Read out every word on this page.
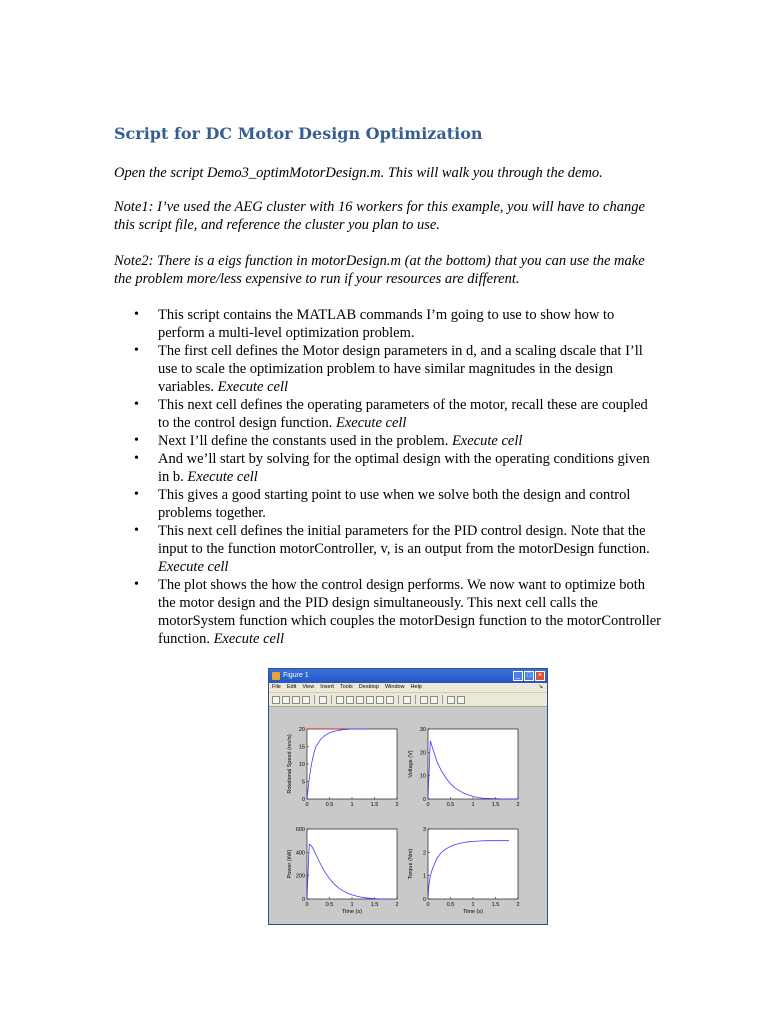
Script for DC Motor Design Optimization

Open the script Demo3_optimMotorDesign.m. This will walk you through the demo.

Note1: I’ve used the AEG cluster with 16 workers for this example, you will have to change this script file, and reference the cluster you plan to use.

Note2: There is a eigs function in motorDesign.m (at the bottom) that you can use the make the problem more/less expensive to run if your resources are different.

• This script contains the MATLAB commands I’m going to use to show how to perform a multi-level optimization problem.
• The first cell defines the Motor design parameters in d, and a scaling dscale that I’ll use to scale the optimization problem to have similar magnitudes in the design variables. Execute cell
• This next cell defines the operating parameters of the motor, recall these are coupled to the control design function. Execute cell
• Next I’ll define the constants used in the problem. Execute cell
• And we’ll start by solving for the optimal design with the operating conditions given in b. Execute cell
• This gives a good starting point to use when we solve both the design and control problems together.
• This next cell defines the initial parameters for the PID control design. Note that the input to the function motorController, v, is an output from the motorDesign function. Execute cell
• The plot shows the how the control design performs. We now want to optimize both the motor design and the PID design simultaneously. This next cell calls the motorSystem function which couples the motorDesign function to the motorController function. Execute cell
Figure 1	_ □ ×
File Edit View Insert Tools Desktop Window Help	↘
0	0.5	1	1.5	2
0
5
10
15
20
Rotational Speed (rev/s)
0	0.5	1	1.5	2
0
10
20
30
Voltage (V)
0	0.5	1	1.5	2
0
200
400
600
Power (kW)
Time (s)
0	0.5	1	1.5	2
0
1
2
3
Torque (Nm)
Time (s)
